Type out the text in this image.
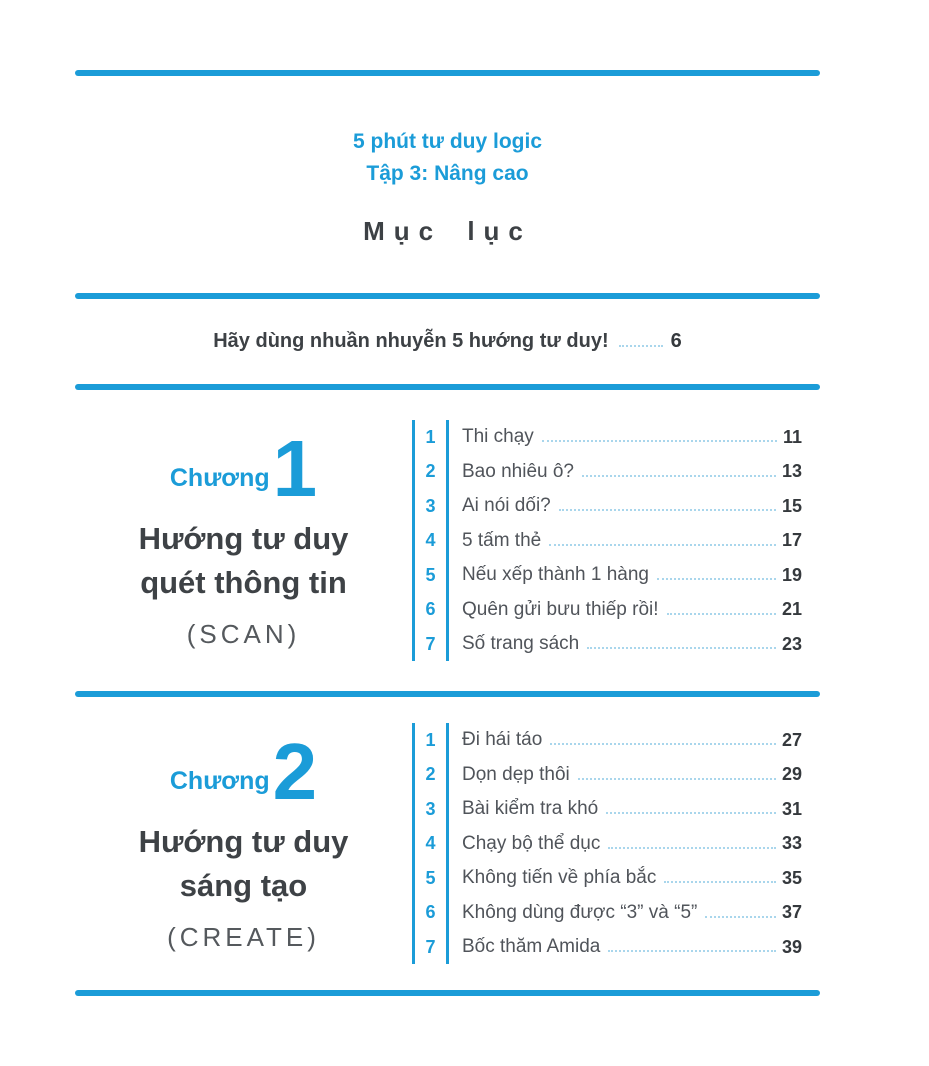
5 phút tư duy logic
Tập 3: Nâng cao
Mục lục
Hãy dùng nhuần nhuyễn 5 hướng tư duy!	6
Chương 1
Hướng tư duy
quét thông tin
(SCAN)
1	Thi chạy	11
2	Bao nhiêu ô?	13
3	Ai nói dối?	15
4	5 tấm thẻ	17
5	Nếu xếp thành 1 hàng	19
6	Quên gửi bưu thiếp rồi!	21
7	Số trang sách	23
Chương 2
Hướng tư duy
sáng tạo
(CREATE)
1	Đi hái táo	27
2	Dọn dẹp thôi	29
3	Bài kiểm tra khó	31
4	Chạy bộ thể dục	33
5	Không tiến về phía bắc	35
6	Không dùng được “3” và “5”	37
7	Bốc thăm Amida	39
